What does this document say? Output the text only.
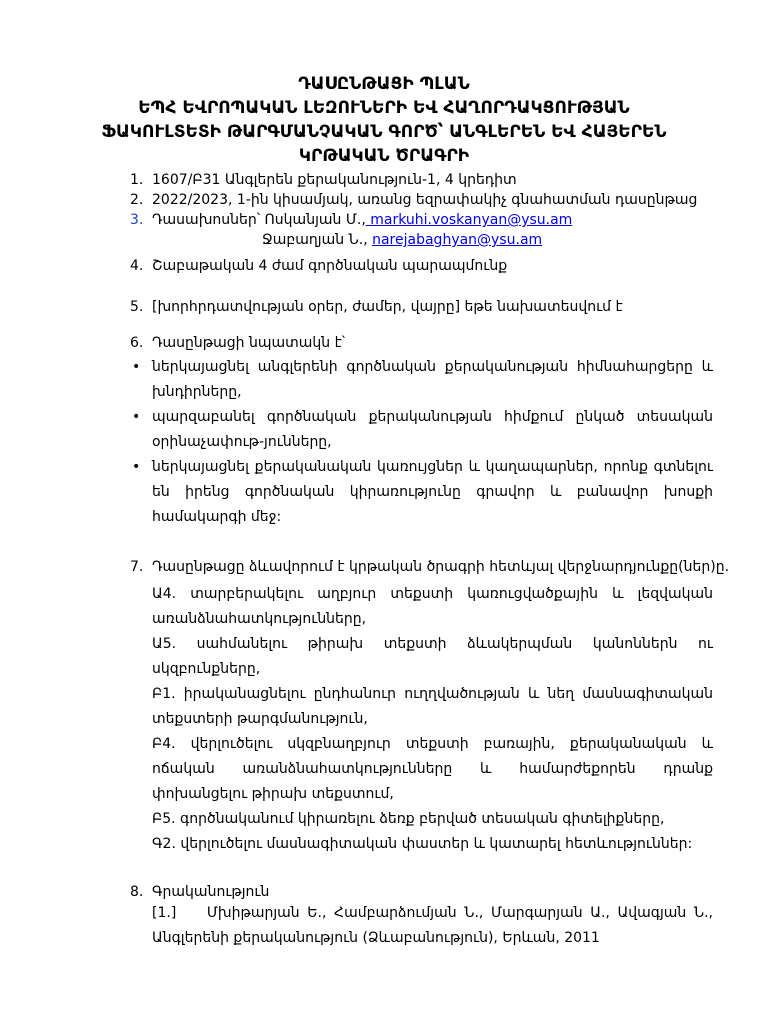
ԴԱՍԸՆԹԱՑԻ ՊԼԱՆ
ԵՊՀ ԵՎՐՈՊԱԿԱՆ ԼԵԶՈՒՆԵՐԻ ԵՎ ՀԱՂՈՐԴԱԿՑՈՒԹՅԱՆ
ՖԱԿՈՒԼՏԵՏԻ ԹԱՐԳՄԱՆՉԱԿԱՆ ԳՈՐԾ՝ ԱՆԳԼԵՐԵՆ ԵՎ ՀԱՅԵՐԵՆ
ԿՐԹԱԿԱՆ ԾՐԱԳՐԻ
1. 1607/Բ31 Անգլերեն քերականություն-1, 4 կրեդիտ
2. 2022/2023, 1-ին կիսամյակ, առանց եզրափակիչ գնահատման դասընթաց
3. Դասախոսներ՝ Ոսկանյան Մ., markuhi.voskanyan@ysu.am
Ջաբաղյան Ն., narejabaghyan@ysu.am
4. Շաբաթական 4 ժամ գործնական պարապմունք
5. [խորհրդատվության օրեր, ժամեր, վայրը] եթե նախատեսվում է
6. Դասընթացի նպատակն է՝
• ներկայացնել անգլերենի գործնական քերականության հիմնահարցերը և խնդիրները,
• պարզաբանել գործնական քերականության հիմքում ընկած տեսական օրինաչափութ-յունները,
• ներկայացնել քերականական կառույցներ և կաղապարներ, որոնք գտնելու են իրենց գործնական կիրառությունը գրավոր և բանավոր խոսքի համակարգի մեջ:
7. Դասընթացը ձևավորում է կրթական ծրագրի հետևյալ վերջնարդյունքը(ներ)ը.

Ա4. տարբերակելու աղբյուր տեքստի կառուցվածքային և լեզվական առանձնահատկությունները,

Ա5. սահմանելու թիրախ տեքստի ձևակերպման կանոններն ու սկզբունքները,

Բ1. իրականացնելու ընդհանուր ուղղվածության և նեղ մասնագիտական տեքստերի թարգմանություն,

Բ4. վերլուծելու սկզբնաղբյուր տեքստի բառային, քերականական և ոճական առանձնահատկությունները և համարժեքորեն դրանք փոխանցելու թիրախ տեքստում,

Բ5. գործնականում կիրառելու ձեռք բերված տեսական գիտելիքները,

Գ2. վերլուծելու մասնագիտական փաստեր և կատարել հետևություններ:

8. Գրականություն

[1.] Մխիթարյան Ե., Համբարձումյան Ն., Մարգարյան Ա., Ավագյան Ն., Անգլերենի քերականություն (Ձևաբանություն), Երևան, 2011
